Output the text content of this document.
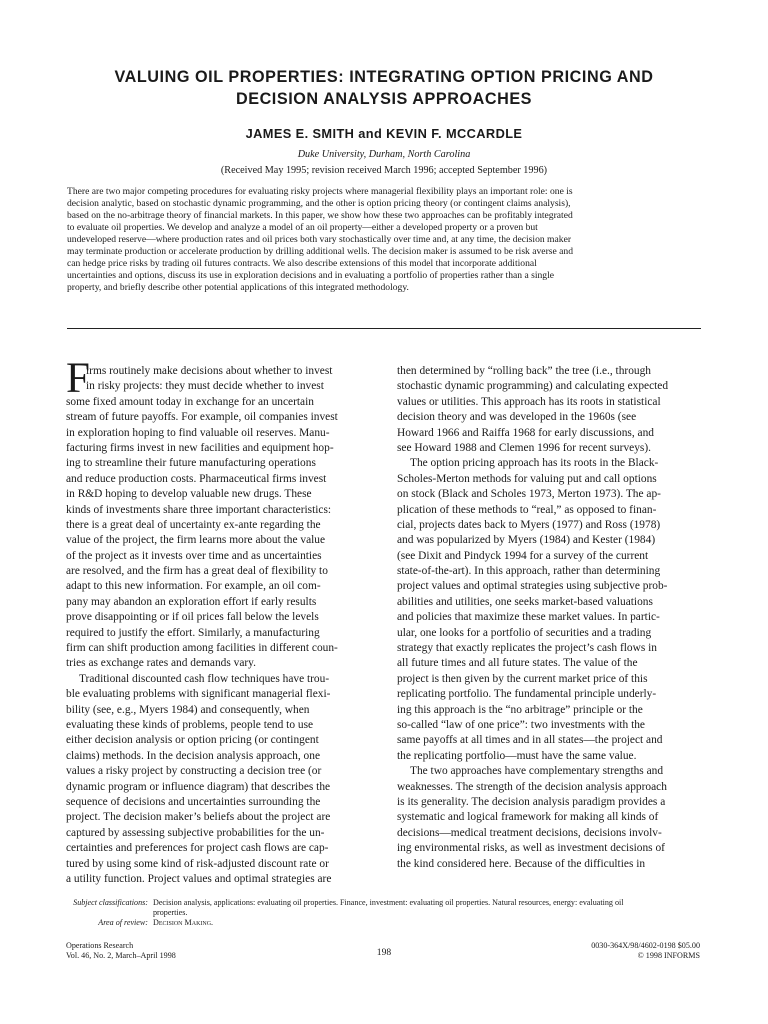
VALUING OIL PROPERTIES: INTEGRATING OPTION PRICING AND
DECISION ANALYSIS APPROACHES

JAMES E. SMITH and KEVIN F. MCCARDLE

Duke University, Durham, North Carolina

(Received May 1995; revision received March 1996; accepted September 1996)

There are two major competing procedures for evaluating risky projects where managerial flexibility plays an important role: one is
decision analytic, based on stochastic dynamic programming, and the other is option pricing theory (or contingent claims analysis),
based on the no-arbitrage theory of financial markets. In this paper, we show how these two approaches can be profitably integrated
to evaluate oil properties. We develop and analyze a model of an oil property—either a developed property or a proven but
undeveloped reserve—where production rates and oil prices both vary stochastically over time and, at any time, the decision maker
may terminate production or accelerate production by drilling additional wells. The decision maker is assumed to be risk averse and
can hedge price risks by trading oil futures contracts. We also describe extensions of this model that incorporate additional
uncertainties and options, discuss its use in exploration decisions and in evaluating a portfolio of properties rather than a single
property, and briefly describe other potential applications of this integrated methodology.
F
irms routinely make decisions about whether to invest
in risky projects: they must decide whether to invest
some fixed amount today in exchange for an uncertain
stream of future payoffs. For example, oil companies invest
in exploration hoping to find valuable oil reserves. Manu-
facturing firms invest in new facilities and equipment hop-
ing to streamline their future manufacturing operations
and reduce production costs. Pharmaceutical firms invest
in R&D hoping to develop valuable new drugs. These
kinds of investments share three important characteristics:
there is a great deal of uncertainty ex-ante regarding the
value of the project, the firm learns more about the value
of the project as it invests over time and as uncertainties
are resolved, and the firm has a great deal of flexibility to
adapt to this new information. For example, an oil com-
pany may abandon an exploration effort if early results
prove disappointing or if oil prices fall below the levels
required to justify the effort. Similarly, a manufacturing
firm can shift production among facilities in different coun-
tries as exchange rates and demands vary.
Traditional discounted cash flow techniques have trou-
ble evaluating problems with significant managerial flexi-
bility (see, e.g., Myers 1984) and consequently, when
evaluating these kinds of problems, people tend to use
either decision analysis or option pricing (or contingent
claims) methods. In the decision analysis approach, one
values a risky project by constructing a decision tree (or
dynamic program or influence diagram) that describes the
sequence of decisions and uncertainties surrounding the
project. The decision maker’s beliefs about the project are
captured by assessing subjective probabilities for the un-
certainties and preferences for project cash flows are cap-
tured by using some kind of risk-adjusted discount rate or
a utility function. Project values and optimal strategies are
then determined by “rolling back” the tree (i.e., through
stochastic dynamic programming) and calculating expected
values or utilities. This approach has its roots in statistical
decision theory and was developed in the 1960s (see
Howard 1966 and Raiffa 1968 for early discussions, and
see Howard 1988 and Clemen 1996 for recent surveys).
The option pricing approach has its roots in the Black-
Scholes-Merton methods for valuing put and call options
on stock (Black and Scholes 1973, Merton 1973). The ap-
plication of these methods to “real,” as opposed to finan-
cial, projects dates back to Myers (1977) and Ross (1978)
and was popularized by Myers (1984) and Kester (1984)
(see Dixit and Pindyck 1994 for a survey of the current
state-of-the-art). In this approach, rather than determining
project values and optimal strategies using subjective prob-
abilities and utilities, one seeks market-based valuations
and policies that maximize these market values. In partic-
ular, one looks for a portfolio of securities and a trading
strategy that exactly replicates the project’s cash flows in
all future times and all future states. The value of the
project is then given by the current market price of this
replicating portfolio. The fundamental principle underly-
ing this approach is the “no arbitrage” principle or the
so-called “law of one price”: two investments with the
same payoffs at all times and in all states—the project and
the replicating portfolio—must have the same value.
The two approaches have complementary strengths and
weaknesses. The strength of the decision analysis approach
is its generality. The decision analysis paradigm provides a
systematic and logical framework for making all kinds of
decisions—medical treatment decisions, decisions involv-
ing environmental risks, as well as investment decisions of
the kind considered here. Because of the difficulties in
Subject classifications: Decision analysis, applications: evaluating oil properties. Finance, investment: evaluating oil properties. Natural resources, energy: evaluating oil
properties.
Area of review: Decision Making.
Operations Research
Vol. 46, No. 2, March–April 1998	198
0030-364X/98/4602-0198 $05.00
© 1998 INFORMS
